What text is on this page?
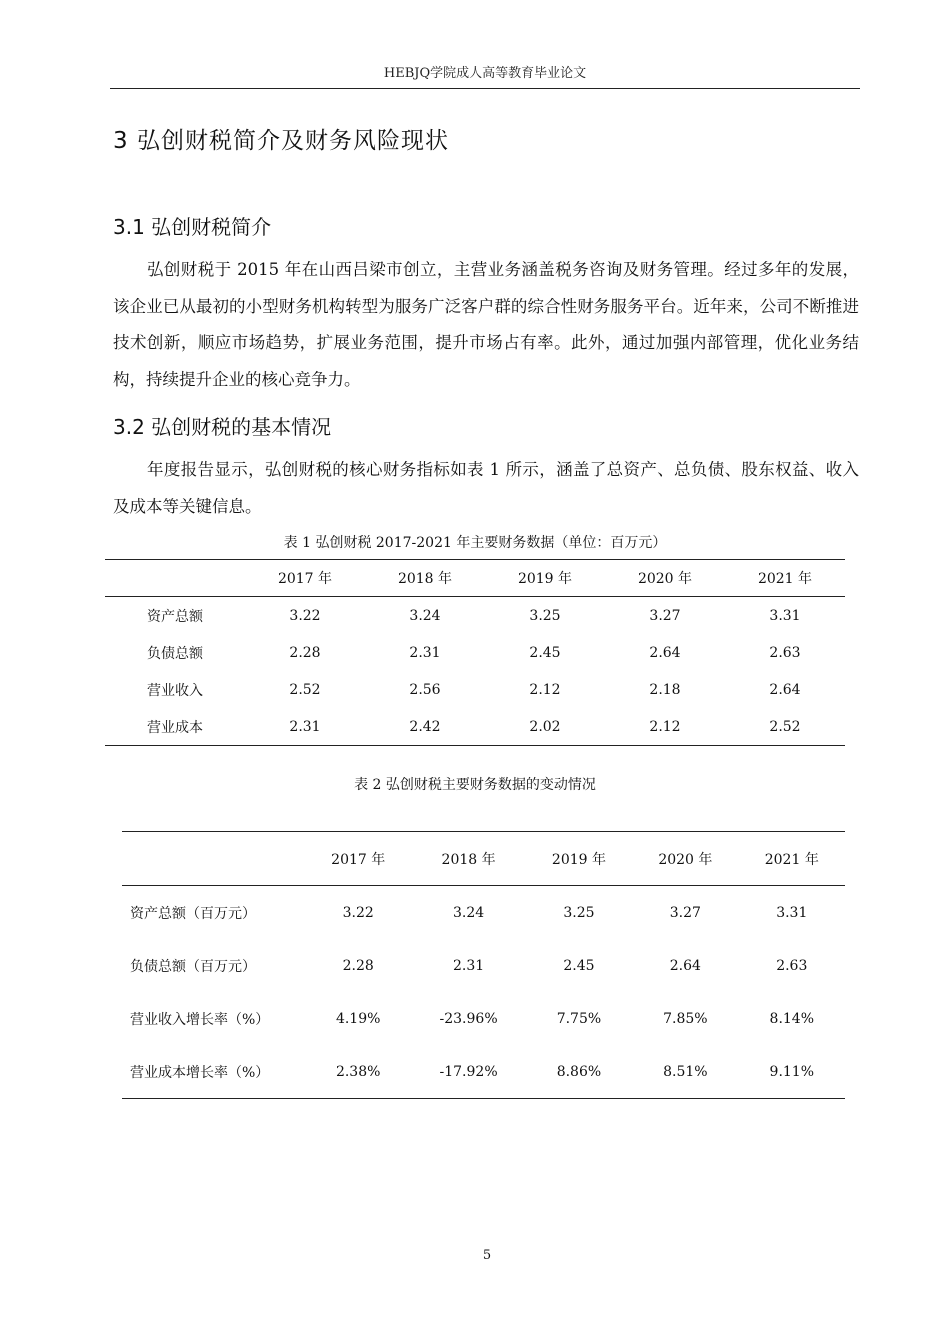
HEBJQ学院成人高等教育毕业论文
3 弘创财税简介及财务风险现状
3.1 弘创财税简介

弘创财税于 2015 年在山西吕梁市创立，主营业务涵盖税务咨询及财务管理。经过多年的发展，该企业已从最初的小型财务机构转型为服务广泛客户群的综合性财务服务平台。近年来，公司不断推进技术创新，顺应市场趋势，扩展业务范围，提升市场占有率。此外，通过加强内部管理，优化业务结构，持续提升企业的核心竞争力。

3.2 弘创财税的基本情况

年度报告显示，弘创财税的核心财务指标如表 1 所示，涵盖了总资产、总负债、股东权益、收入及成本等关键信息。

表 1 弘创财税 2017-2021 年主要财务数据（单位：百万元）
	2017 年	2018 年	2019 年	2020 年	2021 年
资产总额	3.22	3.24	3.25	3.27	3.31
负债总额	2.28	2.31	2.45	2.64	2.63
营业收入	2.52	2.56	2.12	2.18	2.64
营业成本	2.31	2.42	2.02	2.12	2.52
表 2 弘创财税主要财务数据的变动情况
	2017 年	2018 年	2019 年	2020 年	2021 年
资产总额（百万元）	3.22	3.24	3.25	3.27	3.31
负债总额（百万元）	2.28	2.31	2.45	2.64	2.63
营业收入增长率（%）	4.19%	-23.96%	7.75%	7.85%	8.14%
营业成本增长率（%）	2.38%	-17.92%	8.86%	8.51%	9.11%
5
